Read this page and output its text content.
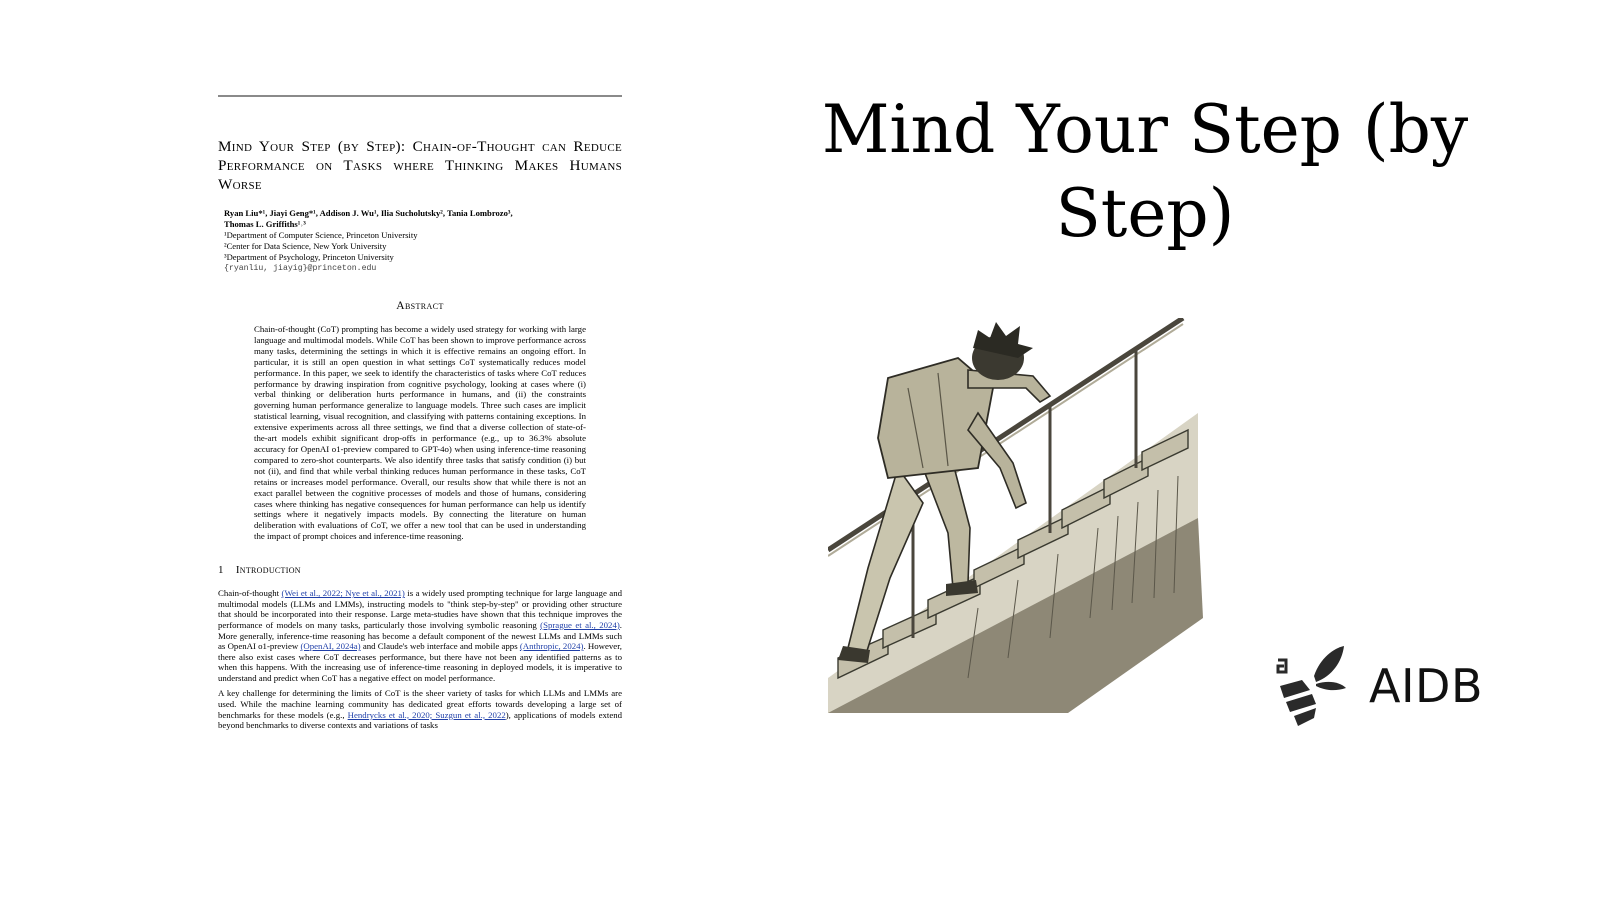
Mind Your Step (by Step): Chain-of-Thought can Reduce Performance on Tasks where Thinking Makes Humans Worse
Ryan Liu*¹, Jiayi Geng*¹, Addison J. Wu¹, Ilia Sucholutsky², Tania Lombrozo³,
Thomas L. Griffiths¹˒³
¹Department of Computer Science, Princeton University
²Center for Data Science, New York University
³Department of Psychology, Princeton University
{ryanliu, jiayig}@princeton.edu
Abstract
Chain-of-thought (CoT) prompting has become a widely used strategy for working with large language and multimodal models. While CoT has been shown to improve performance across many tasks, determining the settings in which it is effective remains an ongoing effort. In particular, it is still an open question in what settings CoT systematically reduces model performance. In this paper, we seek to identify the characteristics of tasks where CoT reduces performance by drawing inspiration from cognitive psychology, looking at cases where (i) verbal thinking or deliberation hurts performance in humans, and (ii) the constraints governing human performance generalize to language models. Three such cases are implicit statistical learning, visual recognition, and classifying with patterns containing exceptions. In extensive experiments across all three settings, we find that a diverse collection of state-of-the-art models exhibit significant drop-offs in performance (e.g., up to 36.3% absolute accuracy for OpenAI o1-preview compared to GPT-4o) when using inference-time reasoning compared to zero-shot counterparts. We also identify three tasks that satisfy condition (i) but not (ii), and find that while verbal thinking reduces human performance in these tasks, CoT retains or increases model performance. Overall, our results show that while there is not an exact parallel between the cognitive processes of models and those of humans, considering cases where thinking has negative consequences for human performance can help us identify settings where it negatively impacts models. By connecting the literature on human deliberation with evaluations of CoT, we offer a new tool that can be used in understanding the impact of prompt choices and inference-time reasoning.
1 Introduction

Chain-of-thought (Wei et al., 2022; Nye et al., 2021) is a widely used prompting technique for large language and multimodal models (LLMs and LMMs), instructing models to "think step-by-step" or providing other structure that should be incorporated into their response. Large meta-studies have shown that this technique improves the performance of models on many tasks, particularly those involving symbolic reasoning (Sprague et al., 2024). More generally, inference-time reasoning has become a default component of the newest LLMs and LMMs such as OpenAI o1-preview (OpenAI, 2024a) and Claude's web interface and mobile apps (Anthropic, 2024). However, there also exist cases where CoT decreases performance, but there have not been any identified patterns as to when this happens. With the increasing use of inference-time reasoning in deployed models, it is imperative to understand and predict when CoT has a negative effect on model performance.

A key challenge for determining the limits of CoT is the sheer variety of tasks for which LLMs and LMMs are used. While the machine learning community has dedicated great efforts towards developing a large set of benchmarks for these models (e.g., Hendrycks et al., 2020; Suzgun et al., 2022), applications of models extend beyond benchmarks to diverse contexts and variations of tasks

Mind Your Step (by Step)
AIDB
